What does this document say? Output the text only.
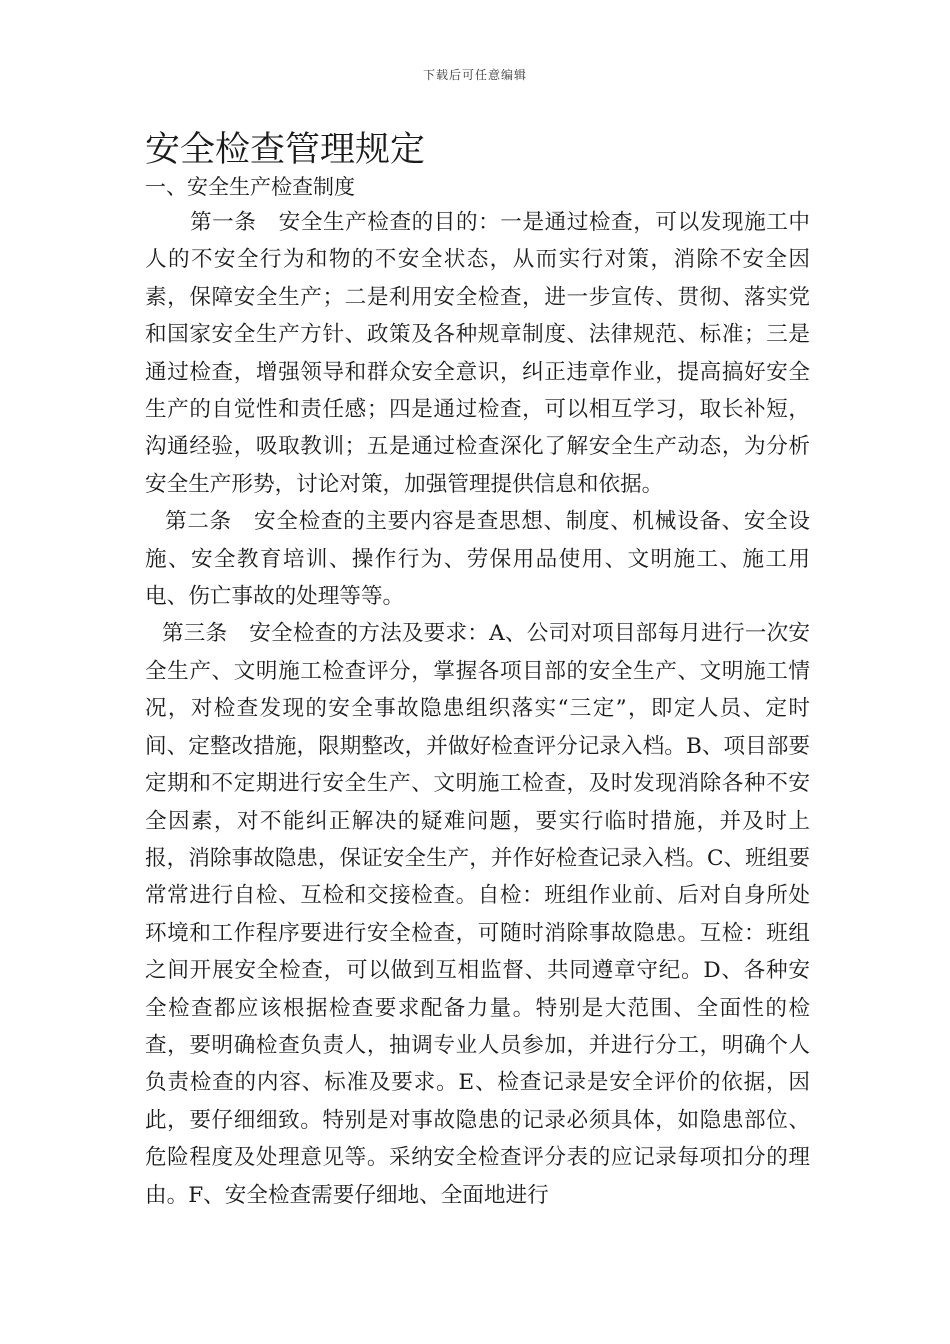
下载后可任意编辑
安全检查管理规定
一、安全生产检查制度

第一条　安全生产检查的目的：一是通过检查，可以发现施工中人的不安全行为和物的不安全状态，从而实行对策，消除不安全因素，保障安全生产；二是利用安全检查，进一步宣传、贯彻、落实党和国家安全生产方针、政策及各种规章制度、法律规范、标准；三是通过检查，增强领导和群众安全意识，纠正违章作业，提高搞好安全生产的自觉性和责任感；四是通过检查，可以相互学习，取长补短，沟通经验，吸取教训；五是通过检查深化了解安全生产动态，为分析安全生产形势，讨论对策，加强管理提供信息和依据。

第二条　安全检查的主要内容是查思想、制度、机械设备、安全设施、安全教育培训、操作行为、劳保用品使用、文明施工、施工用电、伤亡事故的处理等等。

第三条　安全检查的方法及要求：A、公司对项目部每月进行一次安全生产、文明施工检查评分，掌握各项目部的安全生产、文明施工情况，对检查发现的安全事故隐患组织落实“三定”，即定人员、定时间、定整改措施，限期整改，并做好检查评分记录入档。B、项目部要定期和不定期进行安全生产、文明施工检查，及时发现消除各种不安全因素，对不能纠正解决的疑难问题，要实行临时措施，并及时上报，消除事故隐患，保证安全生产，并作好检查记录入档。C、班组要常常进行自检、互检和交接检查。自检：班组作业前、后对自身所处环境和工作程序要进行安全检查，可随时消除事故隐患。互检：班组之间开展安全检查，可以做到互相监督、共同遵章守纪。D、各种安全检查都应该根据检查要求配备力量。特别是大范围、全面性的检查，要明确检查负责人，抽调专业人员参加，并进行分工，明确个人负责检查的内容、标准及要求。E、检查记录是安全评价的依据，因此，要仔细细致。特别是对事故隐患的记录必须具体，如隐患部位、危险程度及处理意见等。采纳安全检查评分表的应记录每项扣分的理由。F、安全检查需要仔细地、全面地进行
